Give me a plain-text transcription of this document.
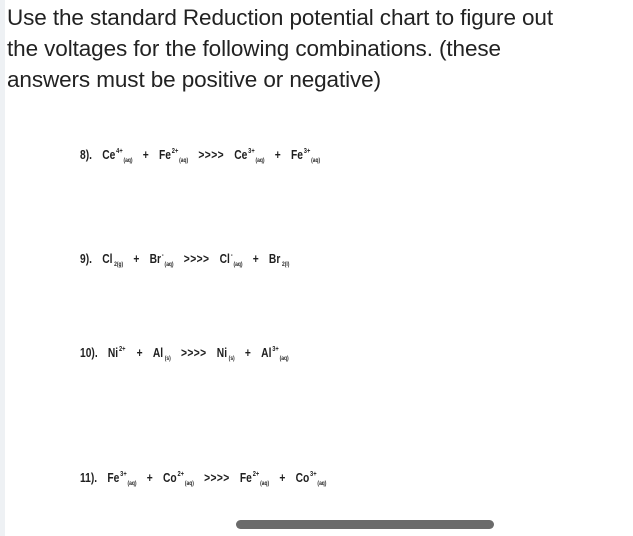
Use the standard Reduction potential chart to figure out
the voltages for the following combinations. (these
answers must be positive or negative)
8). $Ce^{4+}_{(aq)} + Fe^{2+}_{(aq)}$ >>>> $Ce^{3+}_{(aq)} + Fe^{3+}_{(aq)}$
9). Cl $_{2(g)} + Br^-_{(aq)}$ >>>> $Cl^-_{(aq)} + Br$ $_{2(l)}$
10). $Ni^{2+} + Al$ $_{(s)}$ >>>> Ni $_{(s)} + Al^{3+}_{(aq)}$
11). $Fe^{3+}_{(aq)} + Co^{2+}_{(aq)}$ >>>> $Fe^{2+}_{(aq)} + Co^{3+}_{(aq)}$
